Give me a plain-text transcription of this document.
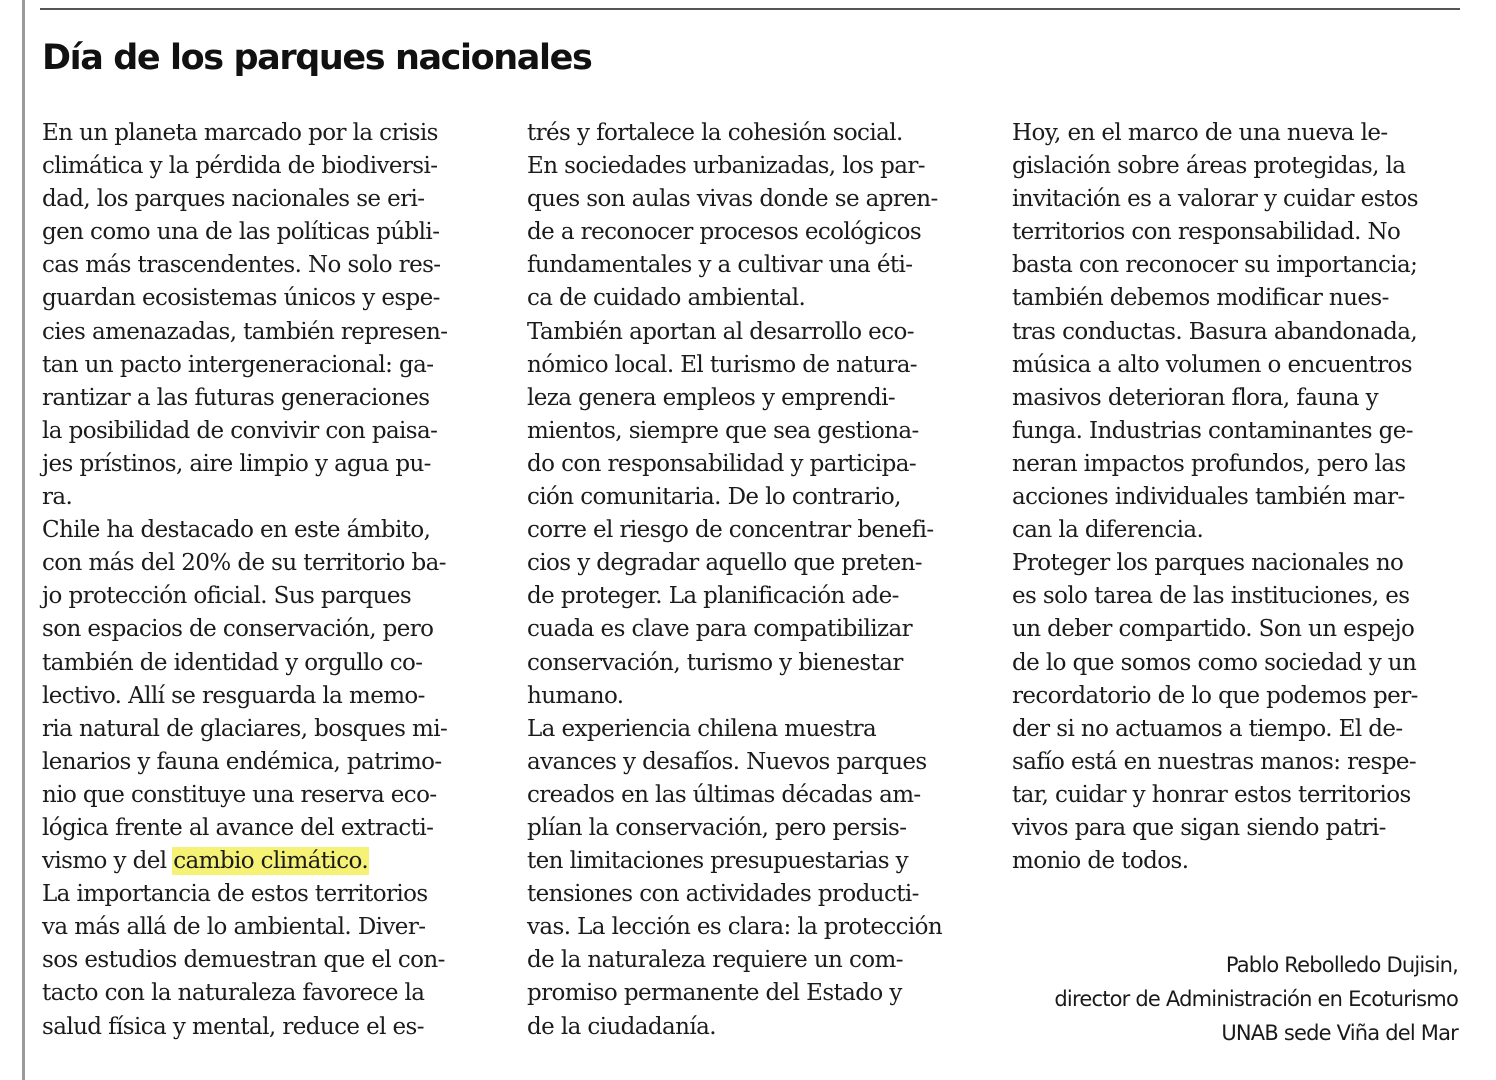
Día de los parques nacionales

En un planeta marcado por la crisis
climática y la pérdida de biodiversi-
dad, los parques nacionales se eri-
gen como una de las políticas públi-
cas más trascendentes. No solo res-
guardan ecosistemas únicos y espe-
cies amenazadas, también represen-
tan un pacto intergeneracional: ga-
rantizar a las futuras generaciones
la posibilidad de convivir con paisa-
jes prístinos, aire limpio y agua pu-
ra.

Chile ha destacado en este ámbito,
con más del 20% de su territorio ba-
jo protección oficial. Sus parques
son espacios de conservación, pero
también de identidad y orgullo co-
lectivo. Allí se resguarda la memo-
ria natural de glaciares, bosques mi-
lenarios y fauna endémica, patrimo-
nio que constituye una reserva eco-
lógica frente al avance del extracti-
vismo y del cambio climático.

La importancia de estos territorios
va más allá de lo ambiental. Diver-
sos estudios demuestran que el con-
tacto con la naturaleza favorece la
salud física y mental, reduce el es-

trés y fortalece la cohesión social.

En sociedades urbanizadas, los par-
ques son aulas vivas donde se apren-
de a reconocer procesos ecológicos
fundamentales y a cultivar una éti-
ca de cuidado ambiental.

También aportan al desarrollo eco-
nómico local. El turismo de natura-
leza genera empleos y emprendi-
mientos, siempre que sea gestiona-
do con responsabilidad y participa-
ción comunitaria. De lo contrario,
corre el riesgo de concentrar benefi-
cios y degradar aquello que preten-
de proteger. La planificación ade-
cuada es clave para compatibilizar
conservación, turismo y bienestar
humano.

La experiencia chilena muestra
avances y desafíos. Nuevos parques
creados en las últimas décadas am-
plían la conservación, pero persis-
ten limitaciones presupuestarias y
tensiones con actividades producti-
vas. La lección es clara: la protección
de la naturaleza requiere un com-
promiso permanente del Estado y
de la ciudadanía.

Hoy, en el marco de una nueva le-
gislación sobre áreas protegidas, la
invitación es a valorar y cuidar estos
territorios con responsabilidad. No
basta con reconocer su importancia;
también debemos modificar nues-
tras conductas. Basura abandonada,
música a alto volumen o encuentros
masivos deterioran flora, fauna y
funga. Industrias contaminantes ge-
neran impactos profundos, pero las
acciones individuales también mar-
can la diferencia.

Proteger los parques nacionales no
es solo tarea de las instituciones, es
un deber compartido. Son un espejo
de lo que somos como sociedad y un
recordatorio de lo que podemos per-
der si no actuamos a tiempo. El de-
safío está en nuestras manos: respe-
tar, cuidar y honrar estos territorios
vivos para que sigan siendo patri-
monio de todos.

Pablo Rebolledo Dujisin,
director de Administración en Ecoturismo
UNAB sede Viña del Mar
